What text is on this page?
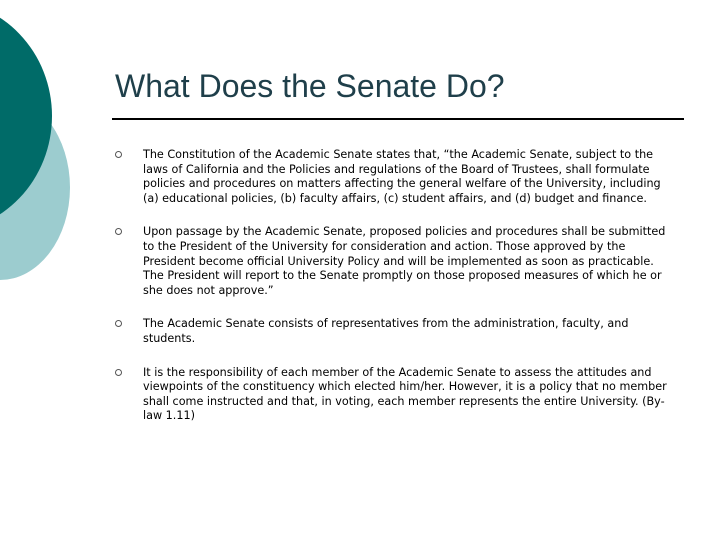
What Does the Senate Do?
The Constitution of the Academic Senate states that, “the Academic Senate, subject to the laws of California and the Policies and regulations of the Board of Trustees, shall formulate policies and procedures on matters affecting the general welfare of the University, including (a) educational policies, (b) faculty affairs, (c) student affairs, and (d) budget and finance.
Upon passage by the Academic Senate, proposed policies and procedures shall be submitted to the President of the University for consideration and action. Those approved by the President become official University Policy and will be implemented as soon as practicable. The President will report to the Senate promptly on those proposed measures of which he or she does not approve.”
The Academic Senate consists of representatives from the administration, faculty, and students.
It is the responsibility of each member of the Academic Senate to assess the attitudes and viewpoints of the constituency which elected him/her. However, it is a policy that no member shall come instructed and that, in voting, each member represents the entire University. (By-law 1.11)
